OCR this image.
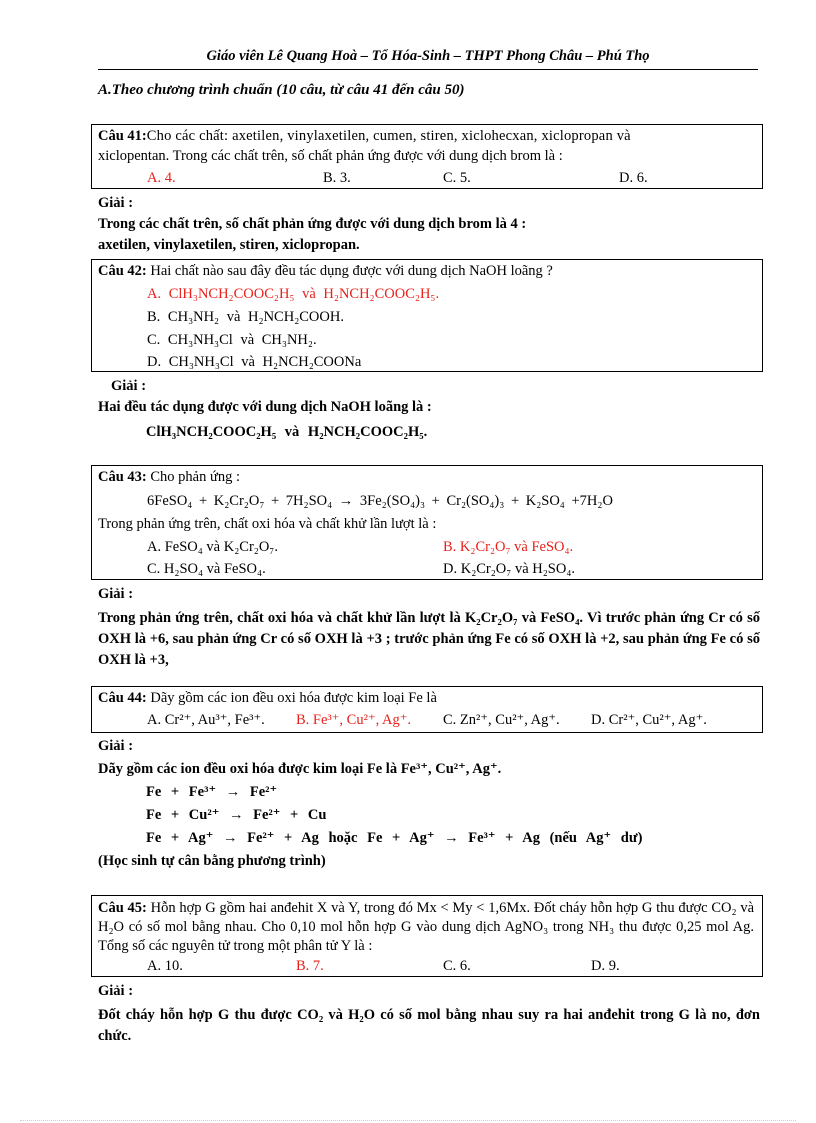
Giáo viên Lê Quang Hoà – Tổ Hóa-Sinh – THPT Phong Châu – Phú Thọ
A.Theo chương trình chuẩn (10 câu, từ câu 41 đến câu 50)
Câu 41:Cho các chất: axetilen, vinylaxetilen, cumen, stiren, xiclohecxan, xiclopropan và
xiclopentan. Trong các chất trên, số chất phản ứng được với dung dịch brom là :
A. 4.	B. 3.	C. 5.	D. 6.

Giải :

Trong các chất trên, số chất phản ứng được với dung dịch brom là 4 :

axetilen, vinylaxetilen, stiren, xiclopropan.

Câu 42: Hai chất nào sau đây đều tác dụng được với dung dịch NaOH loãng ?
A. ClH₃NCH₂COOC₂H₅ và H₂NCH₂COOC₂H₅.
B. CH₃NH₂ và H₂NCH₂COOH.
C. CH₃NH₃Cl và CH₃NH₂.
D. CH₃NH₃Cl và H₂NCH₂COONa

Giải :

Hai đều tác dụng được với dung dịch NaOH loãng là :

ClH₃NCH₂COOC₂H₅ và H₂NCH₂COOC₂H₅.

Câu 43: Cho phản ứng :
6FeSO₄ + K₂Cr₂O₇ + 7H₂SO₄ → 3Fe₂(SO₄)₃ + Cr₂(SO₄)₃ + K₂SO₄ +7H₂O
Trong phản ứng trên, chất oxi hóa và chất khử lần lượt là :
A. FeSO₄ và K₂Cr₂O₇.	B. K₂Cr₂O₇ và FeSO₄.
C. H₂SO₄ và FeSO₄.	D. K₂Cr₂O₇ và H₂SO₄.

Giải :

Trong phản ứng trên, chất oxi hóa và chất khử lần lượt là K₂Cr₂O₇ và FeSO₄. Vì trước phản ứng Cr có số OXH là +6, sau phản ứng Cr có số OXH là +3 ; trước phản ứng Fe có số OXH là +2, sau phản ứng Fe có số OXH là +3,

Câu 44: Dãy gồm các ion đều oxi hóa được kim loại Fe là
A. Cr²⁺, Au³⁺, Fe³⁺. B. Fe³⁺, Cu²⁺, Ag⁺. C. Zn²⁺, Cu²⁺, Ag⁺. D. Cr²⁺, Cu²⁺, Ag⁺.

Giải :

Dãy gồm các ion đều oxi hóa được kim loại Fe là Fe³⁺, Cu²⁺, Ag⁺.

Fe + Fe³⁺ → Fe²⁺

Fe + Cu²⁺ → Fe²⁺ + Cu

Fe + Ag⁺ → Fe²⁺ + Ag hoặc Fe + Ag⁺ → Fe³⁺ + Ag (nếu Ag⁺ dư)

(Học sinh tự cân bằng phương trình)

Câu 45: Hỗn hợp G gồm hai anđehit X và Y, trong đó Mx < My < 1,6Mx. Đốt cháy hỗn hợp G thu được CO₂ và H₂O có số mol bằng nhau. Cho 0,10 mol hỗn hợp G vào dung dịch AgNO₃ trong NH₃ thu được 0,25 mol Ag. Tổng số các nguyên tử trong một phân tử Y là :
A. 10.	B. 7.	C. 6.	D. 9.

Giải :

Đốt cháy hỗn hợp G thu được CO₂ và H₂O có số mol bằng nhau suy ra hai anđehit trong G là no, đơn chức.
